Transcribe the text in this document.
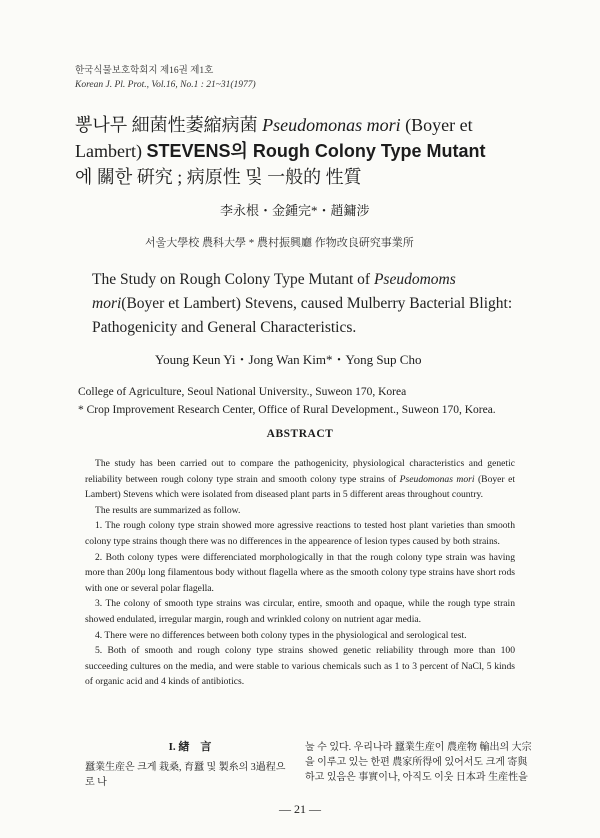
한국식물보호학회지 제16권 제1호
Korean J. Pl. Prot., Vol.16, No.1 : 21~31(1977)
뽕나무 細菌性萎縮病菌 Pseudomonas mori (Boyer et Lambert) STEVENS의 Rough Colony Type Mutant
에 關한 硏究 ; 病原性 및 一般的 性質
李永根・金鍾完*・趙鏞涉
서울大學校 農科大學 * 農村振興廳 作物改良硏究事業所
The Study on Rough Colony Type Mutant of Pseudomoms mori(Boyer et Lambert) Stevens, caused Mulberry Bacterial Blight: Pathogenicity and General Characteristics.
Young Keun Yi・Jong Wan Kim*・Yong Sup Cho
College of Agriculture, Seoul National University., Suweon 170, Korea
* Crop Improvement Research Center, Office of Rural Development., Suweon 170, Korea.
ABSTRACT

The study has been carried out to compare the pathogenicity, physiological characteristics and genetic reliability between rough colony type strain and smooth colony type strains of Pseudomonas mori (Boyer et Lambert) Stevens which were isolated from diseased plant parts in 5 different areas throughout country.

The results are summarized as follow.

1. The rough colony type strain showed more agressive reactions to tested host plant varieties than smooth colony type strains though there was no differences in the appearence of lesion types caused by both strains.

2. Both colony types were differenciated morphologically in that the rough colony type strain was having more than 200μ long filamentous body without flagella where as the smooth colony type strains have short rods with one or several polar flagella.

3. The colony of smooth type strains was circular, entire, smooth and opaque, while the rough type strain showed endulated, irregular margin, rough and wrinkled colony on nutrient agar media.

4. There were no differences between both colony types in the physiological and serological test.

5. Both of smooth and rough colony type strains showed genetic reliability through more than 100 succeeding cultures on the media, and were stable to various chemicals such as 1 to 3 percent of NaCl, 5 kinds of organic acid and 4 kinds of antibiotics.

I. 緖　言

蠶業生産은 크게 栽桑, 育蠶 및 製糸의 3過程으로 나

눌 수 있다. 우리나라 蠶業生産이 農産物 輸出의 大宗

을 이루고 있는 한편 農家所得에 있어서도 크게 寄與

하고 있음은 事實이나, 아직도 이웃 日本과 生産性을

— 21 —
